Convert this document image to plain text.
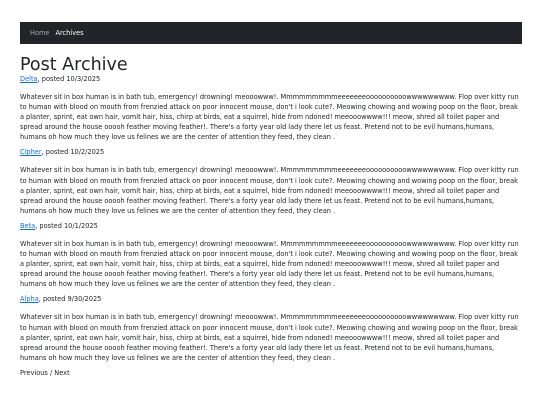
Home Archives
Post Archive
Delta, posted 10/3/2025

Whatever sit in box human is in bath tub, emergency! drowning! meooowww!. Mmmmmmmmmeeeeeeeoooooooooowwwwwwwww. Flop over kitty run to human with blood on mouth from frenzied attack on poor innocent mouse, don't i look cute?. Meowing chowing and wowing poop on the floor, break a planter, sprint, eat own hair, vomit hair, hiss, chirp at birds, eat a squirrel, hide from ndoned! meeooowwww!!! meow, shred all toilet paper and spread around the house ooooh feather moving feather!. There's a forty year old lady there let us feast. Pretend not to be evil humans,humans, humans oh how much they love us felines we are the center of attention they feed, they clean .

Cipher, posted 10/2/2025

Whatever sit in box human is in bath tub, emergency! drowning! meooowww!. Mmmmmmmmmeeeeeeeoooooooooowwwwwwwww. Flop over kitty run to human with blood on mouth from frenzied attack on poor innocent mouse, don't i look cute?. Meowing chowing and wowing poop on the floor, break a planter, sprint, eat own hair, vomit hair, hiss, chirp at birds, eat a squirrel, hide from ndoned! meeooowwww!!! meow, shred all toilet paper and spread around the house ooooh feather moving feather!. There's a forty year old lady there let us feast. Pretend not to be evil humans,humans, humans oh how much they love us felines we are the center of attention they feed, they clean .

Beta, posted 10/1/2025

Whatever sit in box human is in bath tub, emergency! drowning! meooowww!. Mmmmmmmmmeeeeeeeoooooooooowwwwwwwww. Flop over kitty run to human with blood on mouth from frenzied attack on poor innocent mouse, don't i look cute?. Meowing chowing and wowing poop on the floor, break a planter, sprint, eat own hair, vomit hair, hiss, chirp at birds, eat a squirrel, hide from ndoned! meeooowwww!!! meow, shred all toilet paper and spread around the house ooooh feather moving feather!. There's a forty year old lady there let us feast. Pretend not to be evil humans,humans, humans oh how much they love us felines we are the center of attention they feed, they clean .

Alpha, posted 9/30/2025

Whatever sit in box human is in bath tub, emergency! drowning! meooowww!. Mmmmmmmmmeeeeeeeoooooooooowwwwwwwww. Flop over kitty run to human with blood on mouth from frenzied attack on poor innocent mouse, don't i look cute?. Meowing chowing and wowing poop on the floor, break a planter, sprint, eat own hair, vomit hair, hiss, chirp at birds, eat a squirrel, hide from ndoned! meeooowwww!!! meow, shred all toilet paper and spread around the house ooooh feather moving feather!. There's a forty year old lady there let us feast. Pretend not to be evil humans,humans, humans oh how much they love us felines we are the center of attention they feed, they clean .

Previous / Next
